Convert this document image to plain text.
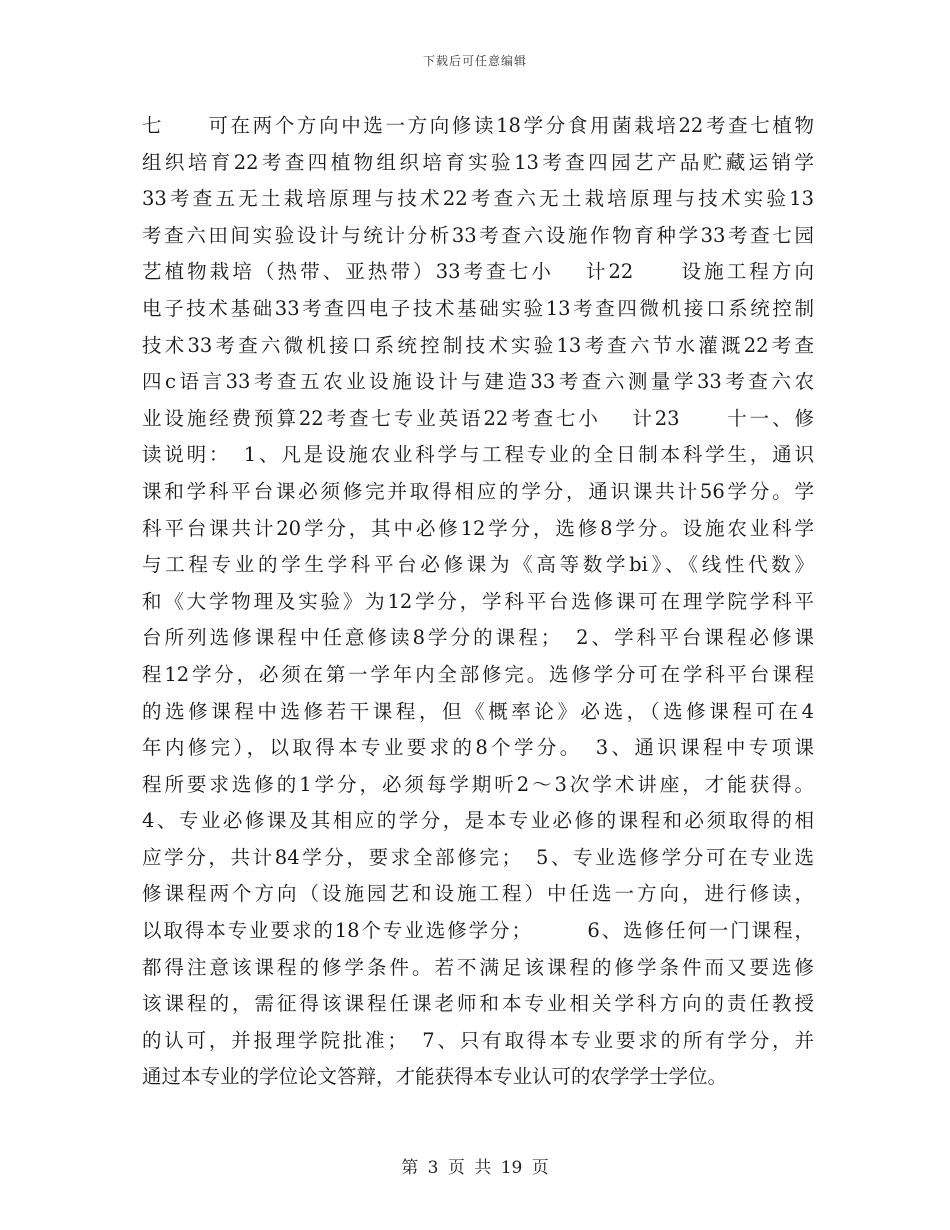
下载后可任意编辑
七　　可在两个方向中选一方向修读18学分食用菌栽培22考查七植物
组织培育22考查四植物组织培育实验13考查四园艺产品贮藏运销学
33考查五无土栽培原理与技术22考查六无土栽培原理与技术实验13
考查六田间实验设计与统计分析33考查六设施作物育种学33考查七园
艺植物栽培（热带、亚热带）33考查七小　 计22　　设施工程方向
电子技术基础33考查四电子技术基础实验13考查四微机接口系统控制
技术33考查六微机接口系统控制技术实验13考查六节水灌溉22考查
四c语言33考查五农业设施设计与建造33考查六测量学33考查六农
业设施经费预算22考查七专业英语22考查七小　 计23　　十一、修
读说明：　1、凡是设施农业科学与工程专业的全日制本科学生，通识
课和学科平台课必须修完并取得相应的学分，通识课共计56学分。学
科平台课共计20学分，其中必修12学分，选修8学分。设施农业科学
与工程专业的学生学科平台必修课为《高等数学bi》、《线性代数》
和《大学物理及实验》为12学分，学科平台选修课可在理学院学科平
台所列选修课程中任意修读8学分的课程；　2、学科平台课程必修课
程12学分，必须在第一学年内全部修完。选修学分可在学科平台课程
的选修课程中选修若干课程，但《概率论》必选，（选修课程可在4
年内修完），以取得本专业要求的8个学分。　3、通识课程中专项课
程所要求选修的1学分，必须每学期听2～3次学术讲座，才能获得。
4、专业必修课及其相应的学分，是本专业必修的课程和必须取得的相
应学分，共计84学分，要求全部修完；　5、专业选修学分可在专业选
修课程两个方向（设施园艺和设施工程）中任选一方向，进行修读，
以取得本专业要求的18个专业选修学分；　　　6、选修任何一门课程，
都得注意该课程的修学条件。若不满足该课程的修学条件而又要选修
该课程的，需征得该课程任课老师和本专业相关学科方向的责任教授
的认可，并报理学院批准；　7、只有取得本专业要求的所有学分，并
通过本专业的学位论文答辩，才能获得本专业认可的农学学士学位。
第 3 页 共 19 页
